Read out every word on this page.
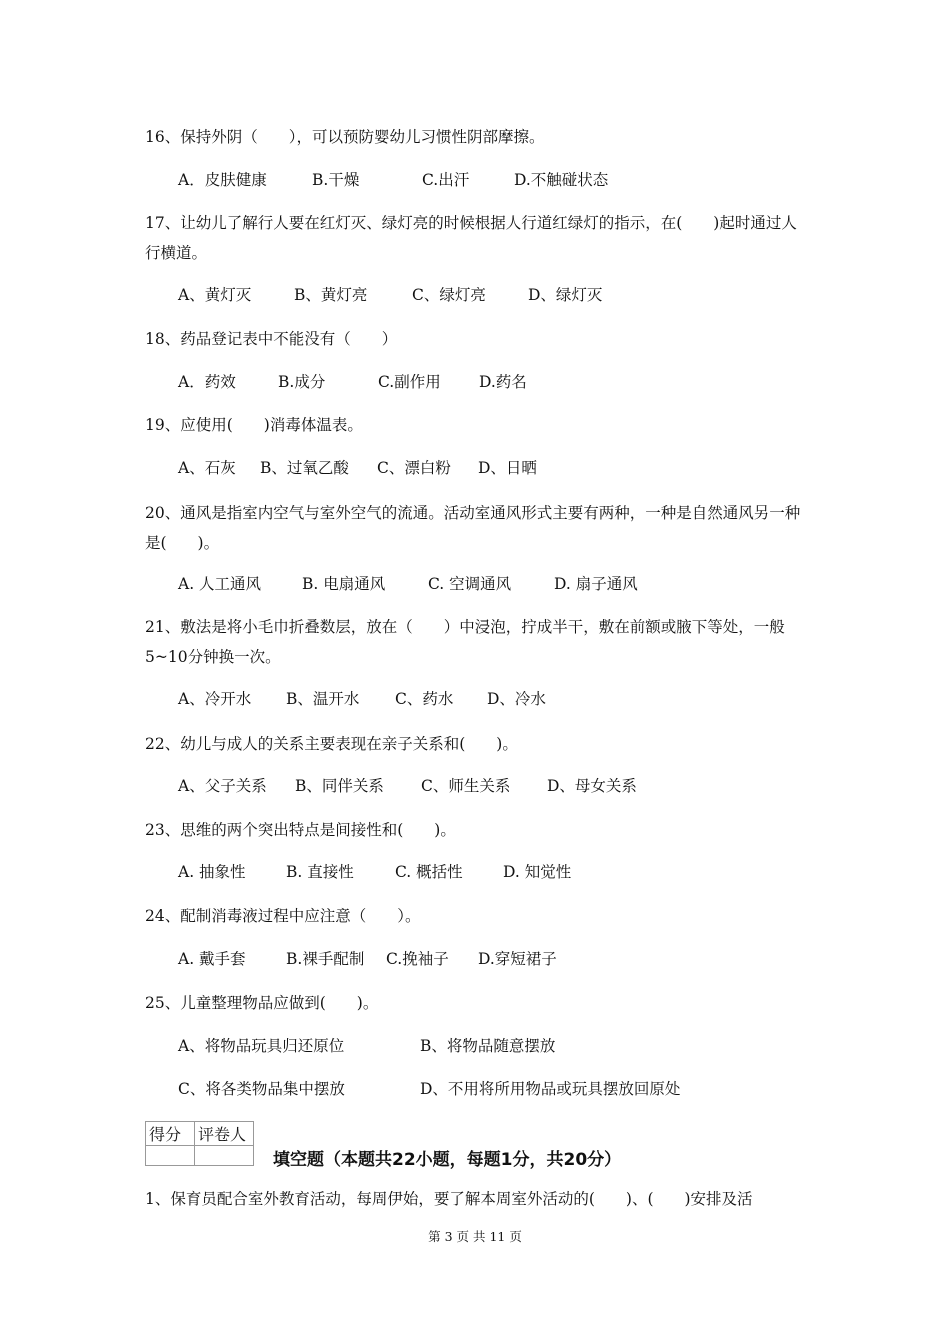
16、保持外阴（　　），可以预防婴幼儿习惯性阴部摩擦。
A．皮肤健康	B.干燥	C.出汗	D.不触碰状态
17、让幼儿了解行人要在红灯灭、绿灯亮的时候根据人行道红绿灯的指示，在(　　)起时通过人行横道。
A、黄灯灭	B、黄灯亮	C、绿灯亮	D、绿灯灭
18、药品登记表中不能没有（　　）
A．药效	B.成分	C.副作用 D.药名
19、应使用(　　)消毒体温表。
A、石灰 B、过氧乙酸 C、漂白粉 D、日晒
20、通风是指室内空气与室外空气的流通。活动室通风形式主要有两种，一种是自然通风另一种是(　　)。
A. 人工通风	B. 电扇通风	C. 空调通风	D. 扇子通风
21、敷法是将小毛巾折叠数层，放在（　　）中浸泡，拧成半干，敷在前额或腋下等处，一般5~10分钟换一次。
A、冷开水 B、温开水 C、药水 D、冷水
22、幼儿与成人的关系主要表现在亲子关系和(　　)。
A、父子关系 B、同伴关系 C、师生关系 D、母女关系
23、思维的两个突出特点是间接性和(　　)。
A. 抽象性	B. 直接性	C. 概括性	D. 知觉性
24、配制消毒液过程中应注意（　　）。
A. 戴手套	B.裸手配制 C.挽袖子 D.穿短裙子
25、儿童整理物品应做到(　　)。
A、将物品玩具归还原位	B、将物品随意摆放
C、将各类物品集中摆放	D、不用将所用物品或玩具摆放回原处
得分	评卷人

填空题（本题共22小题，每题1分，共20分）
1、保育员配合室外教育活动，每周伊始，要了解本周室外活动的(　　)、(　　)安排及活
第 3 页 共 11 页
